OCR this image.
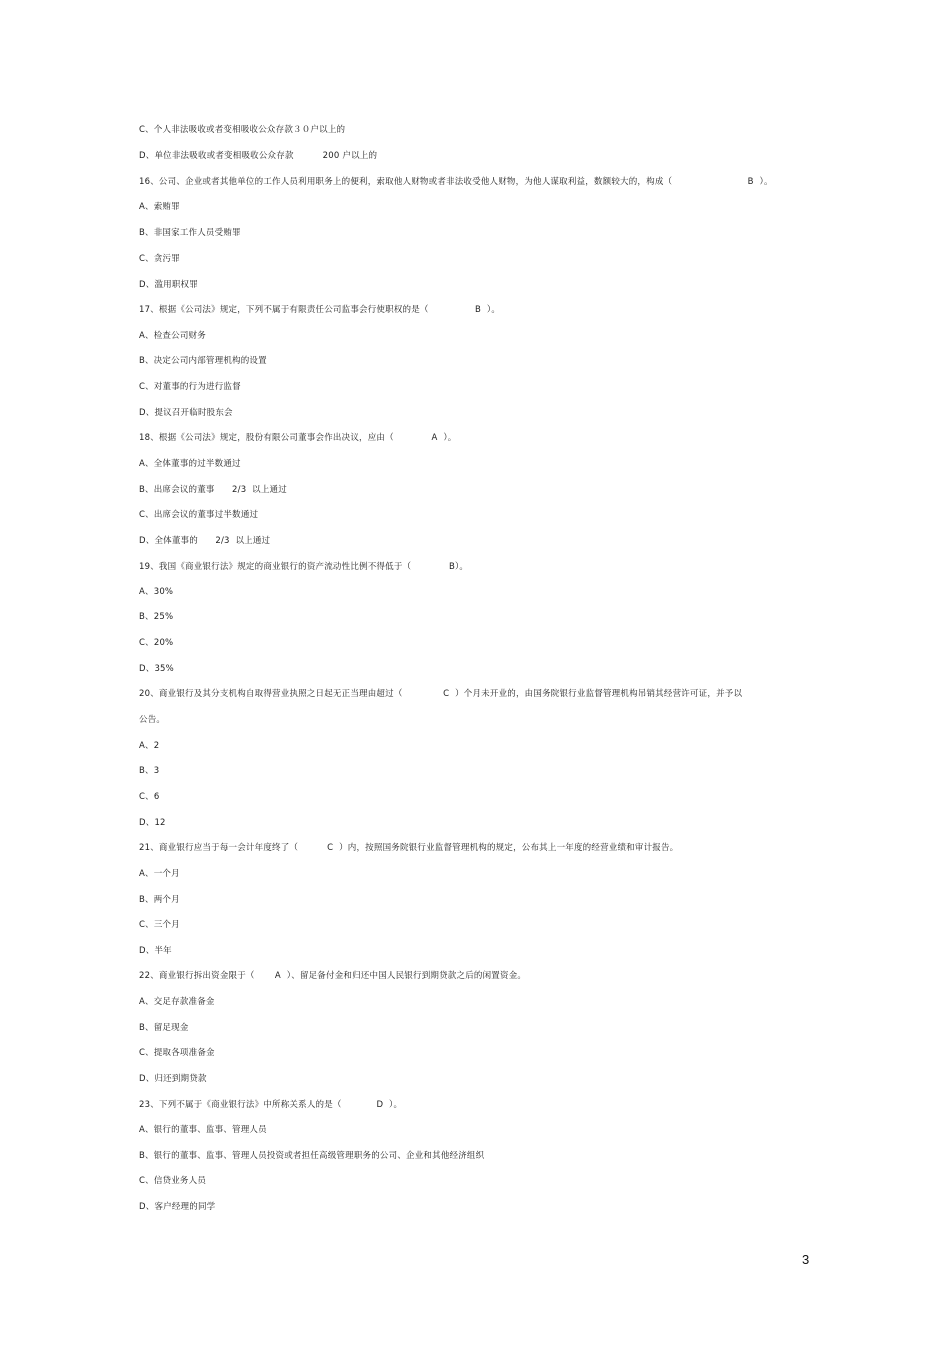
C、个人非法吸收或者变相吸收公众存款３０户以上的
D、单位非法吸收或者变相吸收公众存款          200 户以上的
16、公司、企业或者其他单位的工作人员利用职务上的便利，索取他人财物或者非法收受他人财物，为他人谋取利益，数额较大的，构成（                          B  ）。
A、索贿罪
B、非国家工作人员受贿罪
C、贪污罪
D、滥用职权罪
17、根据《公司法》规定，下列不属于有限责任公司监事会行使职权的是（                B  ）。
A、检查公司财务
B、决定公司内部管理机构的设置
C、对董事的行为进行监督
D、提议召开临时股东会
18、根据《公司法》规定，股份有限公司董事会作出决议，应由（             A  ）。
A、全体董事的过半数通过
B、出席会议的董事      2/3  以上通过
C、出席会议的董事过半数通过
D、全体董事的      2/3  以上通过
19、我国《商业银行法》规定的商业银行的资产流动性比例不得低于（             B）。
A、30%
B、25%
C、20%
D、35%
20、商业银行及其分支机构自取得营业执照之日起无正当理由超过（              C  ）个月未开业的，由国务院银行业监督管理机构吊销其经营许可证，并予以
公告。
A、2
B、3
C、6
D、12
21、商业银行应当于每一会计年度终了（          C  ）内，按照国务院银行业监督管理机构的规定，公布其上一年度的经营业绩和审计报告。
A、一个月
B、两个月
C、三个月
D、半年
22、商业银行拆出资金限于（       A  ）、留足备付金和归还中国人民银行到期贷款之后的闲置资金。
A、交足存款准备金
B、留足现金
C、提取各项准备金
D、归还到期贷款
23、下列不属于《商业银行法》中所称关系人的是（            D  ）。
A、银行的董事、监事、管理人员
B、银行的董事、监事、管理人员投资或者担任高级管理职务的公司、企业和其他经济组织
C、信贷业务人员
D、客户经理的同学
3
